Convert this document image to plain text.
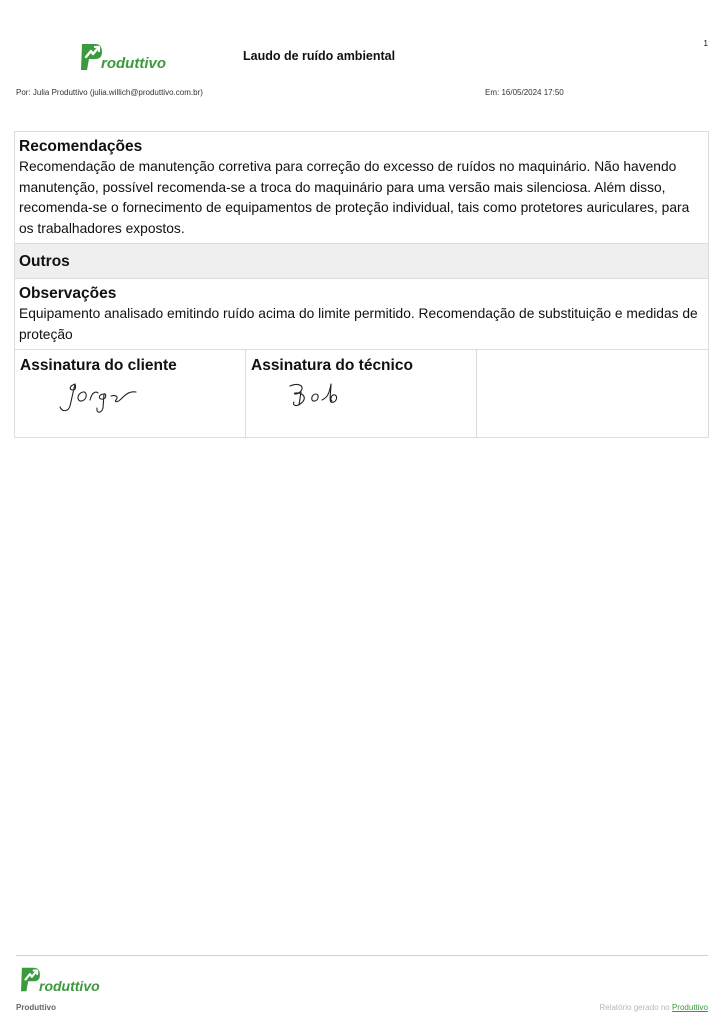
roduttivo	Laudo de ruído ambiental
1
Por: Julia Produttivo (julia.willich@produttivo.com.br)	Em: 16/05/2024 17:50
Recomendações
Recomendação de manutenção corretiva para correção do excesso de ruídos no maquinário. Não havendo manutenção, possível recomenda-se a troca do maquinário para uma versão mais silenciosa. Além disso, recomenda-se o fornecimento de equipamentos de proteção individual, tais como protetores auriculares, para os trabalhadores expostos.
Outros
Observações
Equipamento analisado emitindo ruído acima do limite permitido. Recomendação de substituição e medidas de proteção
Assinatura do cliente	Assinatura do técnico
roduttivo
Produttivo	Relatório gerado no Produttivo
